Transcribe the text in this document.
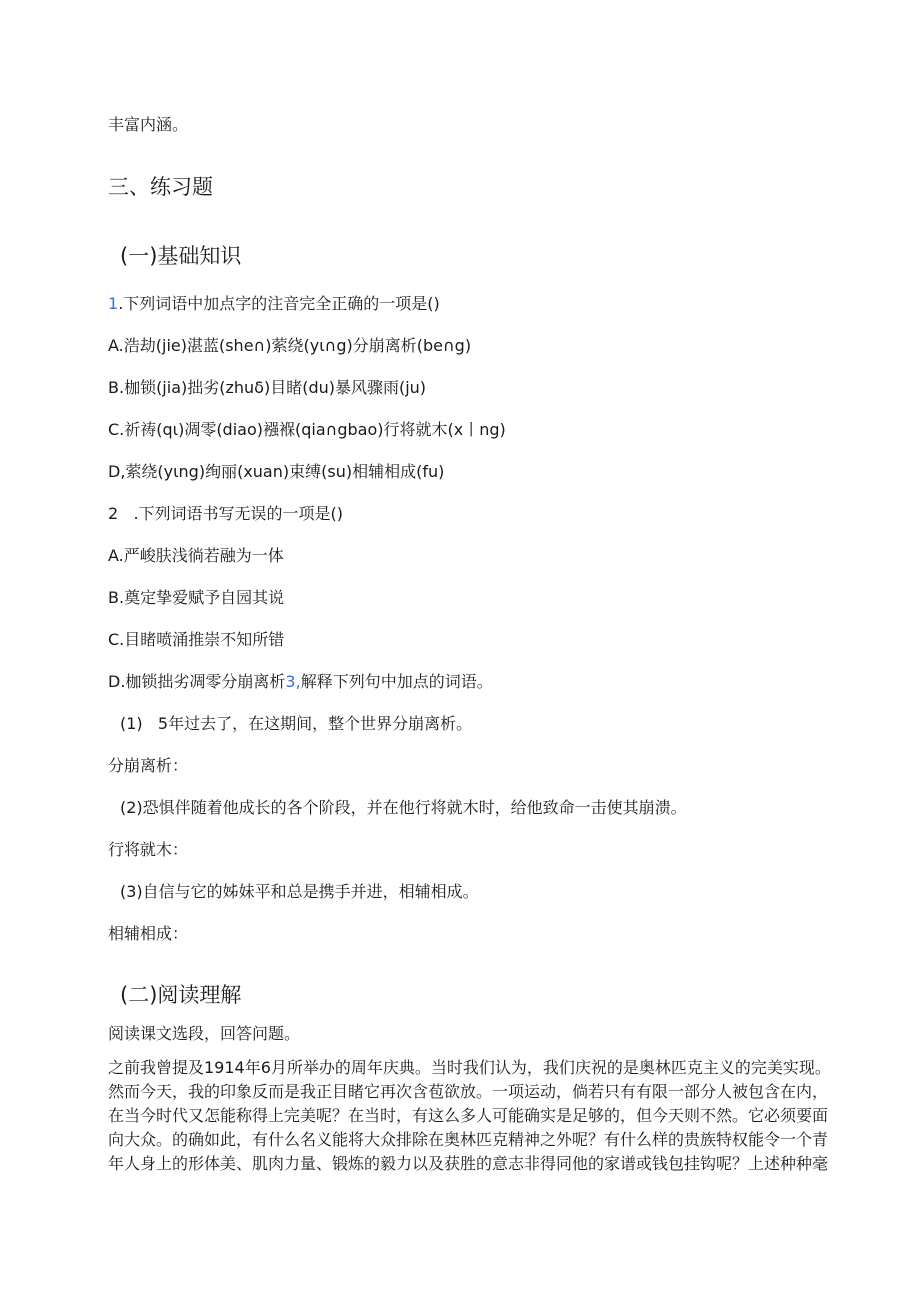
丰富内涵。
三、练习题
(一)基础知识
1.下列词语中加点字的注音完全正确的一项是()
A.浩劫(jie)湛蓝(she∩)萦绕(yι∩g)分崩离析(be∩g)
B.枷锁(jia)拙劣(zhuδ)目睹(du)暴风骤雨(ju)
C.祈祷(qι)凋零(diao)襁褓(qia∩gbao)行将就木(x丨ng)
D,萦绕(yιng)绚丽(xuan)束缚(su)相辅相成(fu)
2   .下列词语书写无误的一项是()
A.严峻肤浅徜若融为一体
B.奠定挚爱赋予自园其说
C.目睹喷涌推崇不知所错
D.枷锁拙劣凋零分崩离析3,解释下列句中加点的词语。
(1)   5年过去了，在这期间，整个世界分崩离析。
分崩离析：
(2)恐惧伴随着他成长的各个阶段，并在他行将就木时，给他致命一击使其崩溃。
行将就木：
(3)自信与它的姊妹平和总是携手并进，相辅相成。
相辅相成：
(二)阅读理解
阅读课文选段，回答问题。

之前我曾提及1914年6月所举办的周年庆典。当时我们认为，我们庆祝的是奥林匹克主义的完美实现。

然而今天，我的印象反而是我正目睹它再次含苞欲放。一项运动，倘若只有有限一部分人被包含在内，

在当今时代又怎能称得上完美呢？在当时，有这么多人可能确实是足够的，但今天则不然。它必须要面

向大众。的确如此，有什么名义能将大众排除在奥林匹克精神之外呢？有什么样的贵族特权能令一个青

年人身上的形体美、肌肉力量、锻炼的毅力以及获胜的意志非得同他的家谱或钱包挂钩呢？上述种种毫
